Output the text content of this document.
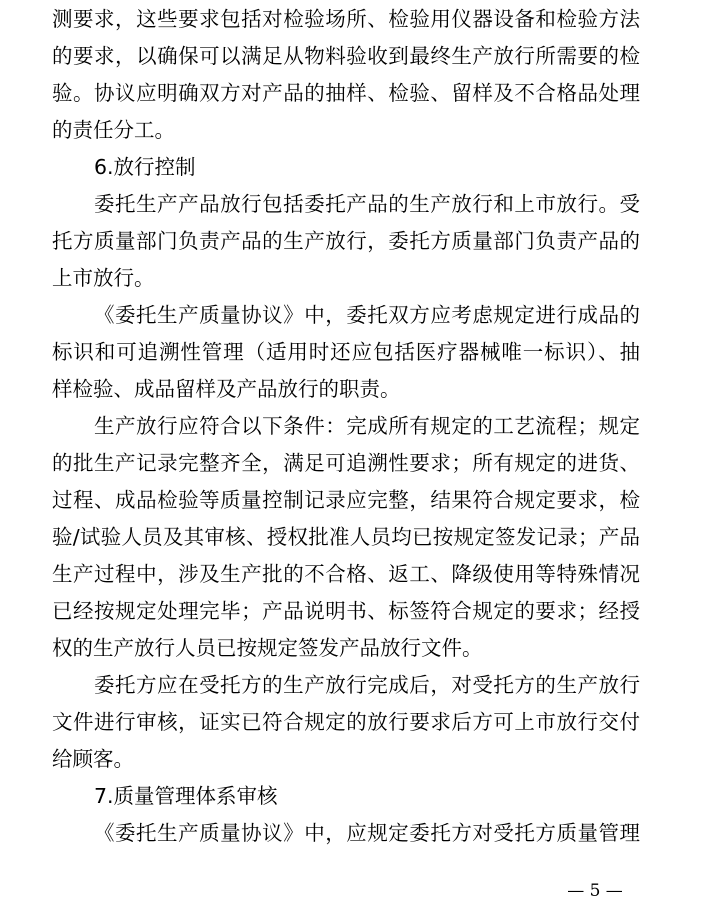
测要求，这些要求包括对检验场所、检验用仪器设备和检验方法
的要求，以确保可以满足从物料验收到最终生产放行所需要的检
验。协议应明确双方对产品的抽样、检验、留样及不合格品处理
的责任分工。
6.放行控制
委托生产产品放行包括委托产品的生产放行和上市放行。受
托方质量部门负责产品的生产放行，委托方质量部门负责产品的
上市放行。
《委托生产质量协议》中，委托双方应考虑规定进行成品的
标识和可追溯性管理（适用时还应包括医疗器械唯一标识）、抽
样检验、成品留样及产品放行的职责。
生产放行应符合以下条件：完成所有规定的工艺流程；规定
的批生产记录完整齐全，满足可追溯性要求；所有规定的进货、
过程、成品检验等质量控制记录应完整，结果符合规定要求，检
验/试验人员及其审核、授权批准人员均已按规定签发记录；产品
生产过程中，涉及生产批的不合格、返工、降级使用等特殊情况
已经按规定处理完毕；产品说明书、标签符合规定的要求；经授
权的生产放行人员已按规定签发产品放行文件。
委托方应在受托方的生产放行完成后，对受托方的生产放行
文件进行审核，证实已符合规定的放行要求后方可上市放行交付
给顾客。
7.质量管理体系审核
《委托生产质量协议》中，应规定委托方对受托方质量管理
— 5 —
